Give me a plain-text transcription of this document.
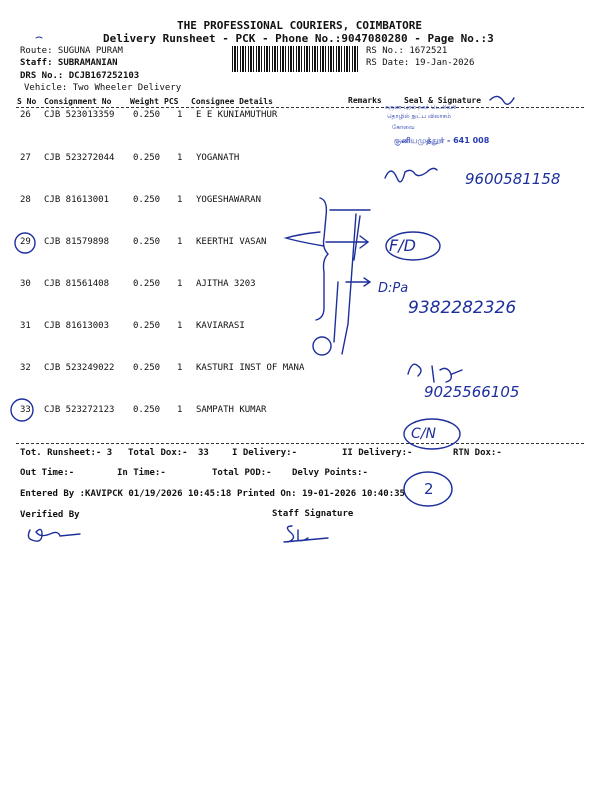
THE PROFESSIONAL COURIERS, COIMBATORE
Delivery Runsheet - PCK - Phone No.:9047080280 - Page No.:3
Route: SUGUNA PURAM
Staff: SUBRAMANIAN
DRS No.: DCJB167252103
Vehicle: Two Wheeler Delivery
RS No.: 1672521
RS Date: 19-Jan-2026
S No Consignment No Weight PCS Consignee Details	Remarks	Seal & Signature
26 CJB 523013359 0.250 1 E E KUNIAMUTHUR
27 CJB 523272044 0.250 1 YOGANATH
28 CJB 81613001	0.250 1 YOGESHAWARAN
29 CJB 81579898	0.250 1 KEERTHI VASAN
30 CJB 81561408	0.250 1 AJITHA 3203
31 CJB 81613003	0.250 1 KAVIARASI
32 CJB 523249022 0.250 1 KASTURI INST OF MANA
33 CJB 523272123 0.250 1 SAMPATH KUMAR
Tot. Runsheet:- 3 Total Dox:- 33	I Delivery:-	II Delivery:-	RTN Dox:-
Out Time:-	In Time:-	Total POD:- Delvy Points:-
Entered By :KAVIPCK 01/19/2026 10:45:18 Printed On: 19-01-2026 10:40:35
Verified By	Staff Signature
சுகுண புரம் நகர் டெலிவரி
தொழில் நுட்ப விலாசம்
கோவை
குனியமுத்தூர் - 641 008
9600581158
F/D
D:Pa
9382282326
9025566105
C/N
2
